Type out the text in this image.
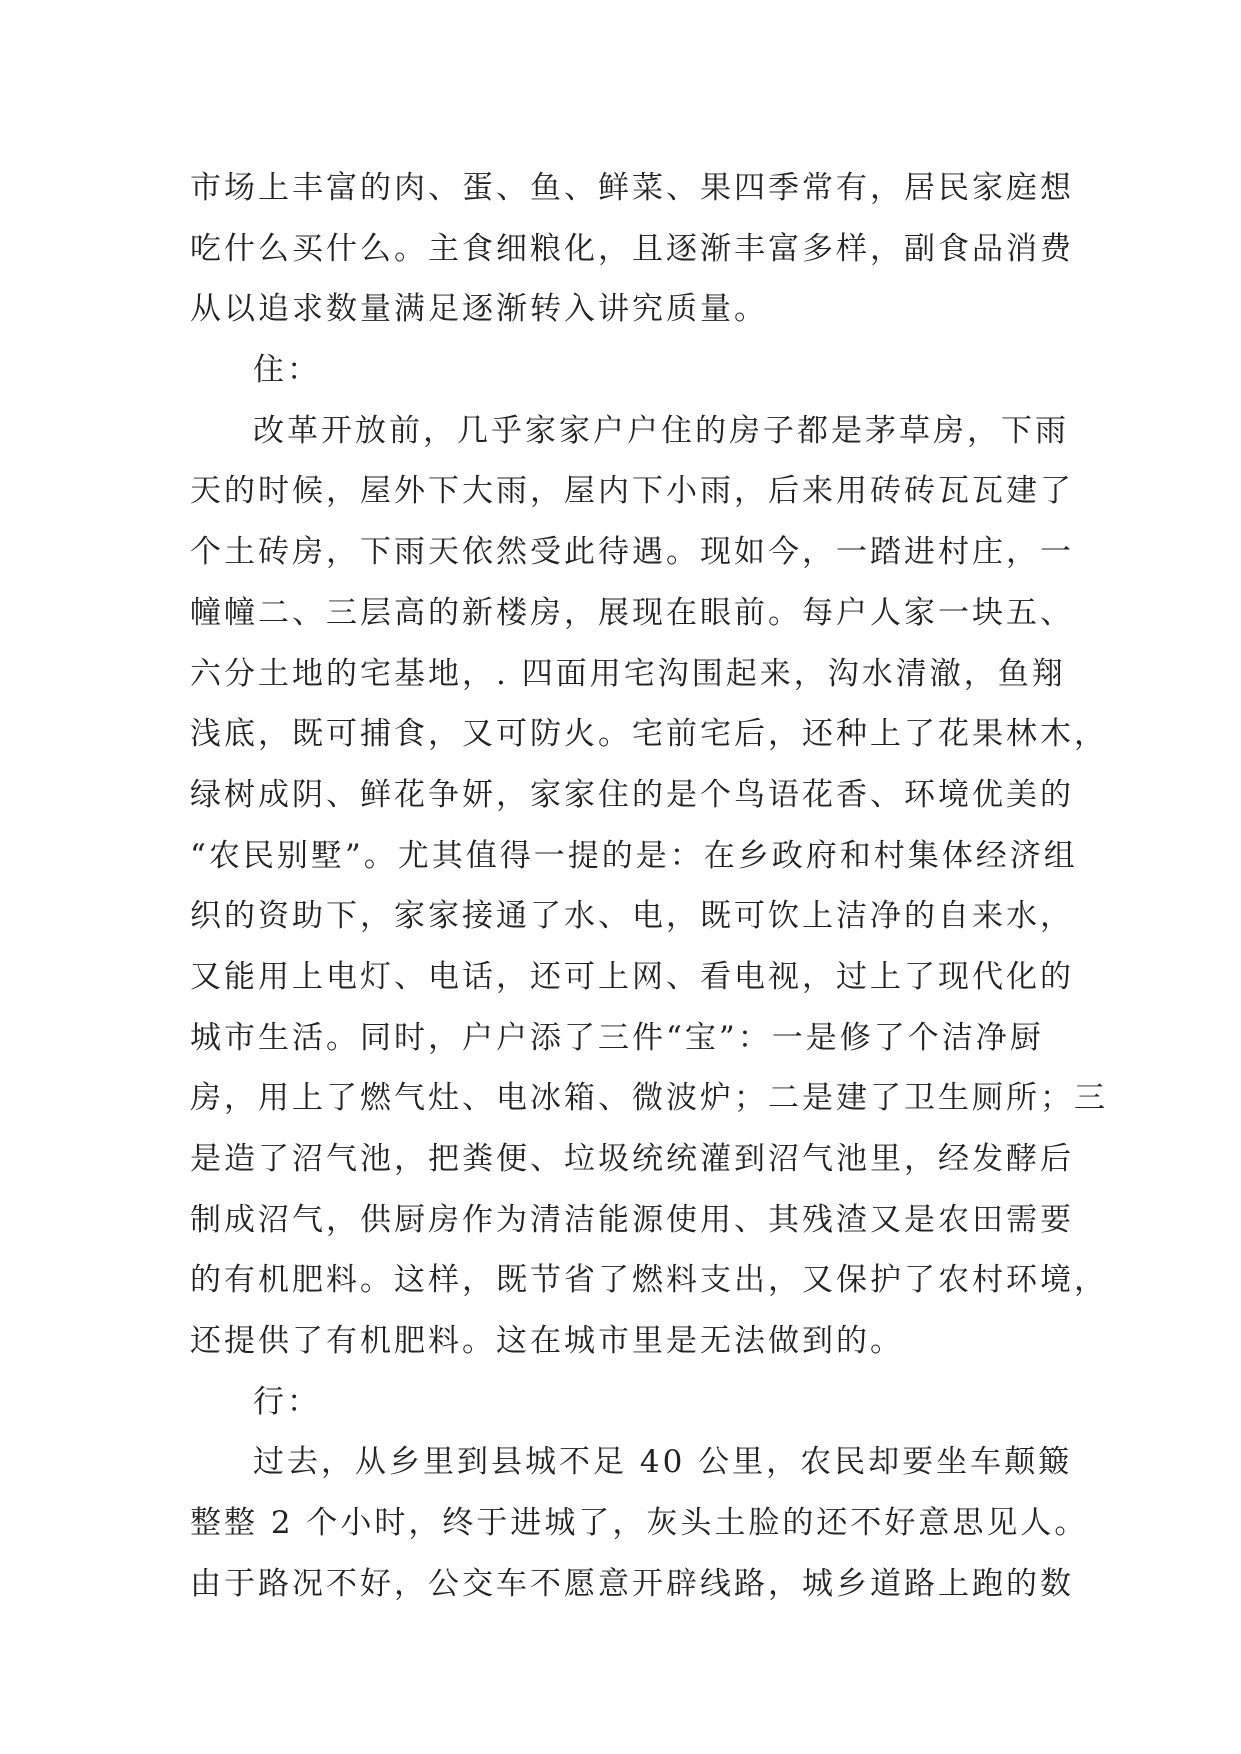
市场上丰富的肉、蛋、鱼、鲜菜、果四季常有，居民家庭想
吃什么买什么。主食细粮化，且逐渐丰富多样，副食品消费
从以追求数量满足逐渐转入讲究质量。
住：
改革开放前，几乎家家户户住的房子都是茅草房，下雨
天的时候，屋外下大雨，屋内下小雨，后来用砖砖瓦瓦建了
个土砖房，下雨天依然受此待遇。现如今，一踏进村庄，一
幢幢二、三层高的新楼房，展现在眼前。每户人家一块五、
六分土地的宅基地，. 四面用宅沟围起来，沟水清澈，鱼翔
浅底，既可捕食，又可防火。宅前宅后，还种上了花果林木，
绿树成阴、鲜花争妍，家家住的是个鸟语花香、环境优美的
“农民别墅”。尤其值得一提的是：在乡政府和村集体经济组
织的资助下，家家接通了水、电，既可饮上洁净的自来水，
又能用上电灯、电话，还可上网、看电视，过上了现代化的
城市生活。同时，户户添了三件“宝”：一是修了个洁净厨
房，用上了燃气灶、电冰箱、微波炉；二是建了卫生厕所；三
是造了沼气池，把粪便、垃圾统统灌到沼气池里，经发酵后
制成沼气，供厨房作为清洁能源使用、其残渣又是农田需要
的有机肥料。这样，既节省了燃料支出，又保护了农村环境，
还提供了有机肥料。这在城市里是无法做到的。
行：
过去，从乡里到县城不足 40 公里，农民却要坐车颠簸
整整 2 个小时，终于进城了，灰头土脸的还不好意思见人。
由于路况不好，公交车不愿意开辟线路，城乡道路上跑的数
